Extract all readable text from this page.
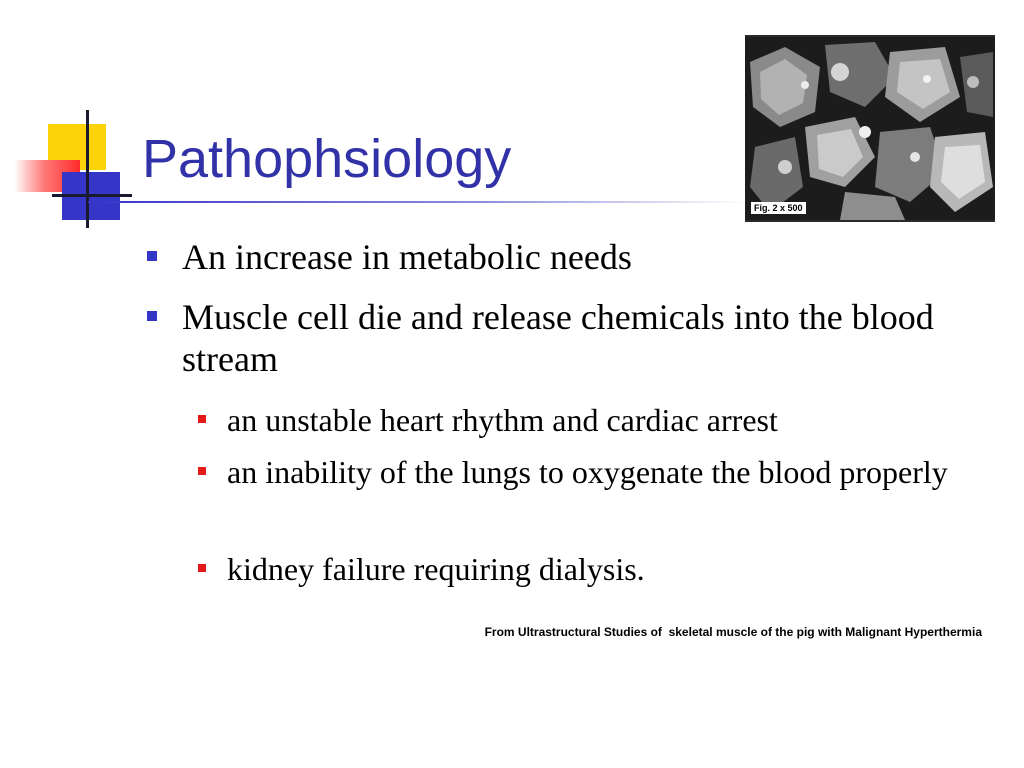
Pathophsiology
Fig. 2 x 500
An increase in metabolic needs
Muscle cell die and release chemicals into the blood stream
an unstable heart rhythm and cardiac arrest
an inability of the lungs to oxygenate the blood properly
kidney failure requiring dialysis.
From Ultrastructural Studies of  skeletal muscle of the pig with Malignant Hyperthermia
